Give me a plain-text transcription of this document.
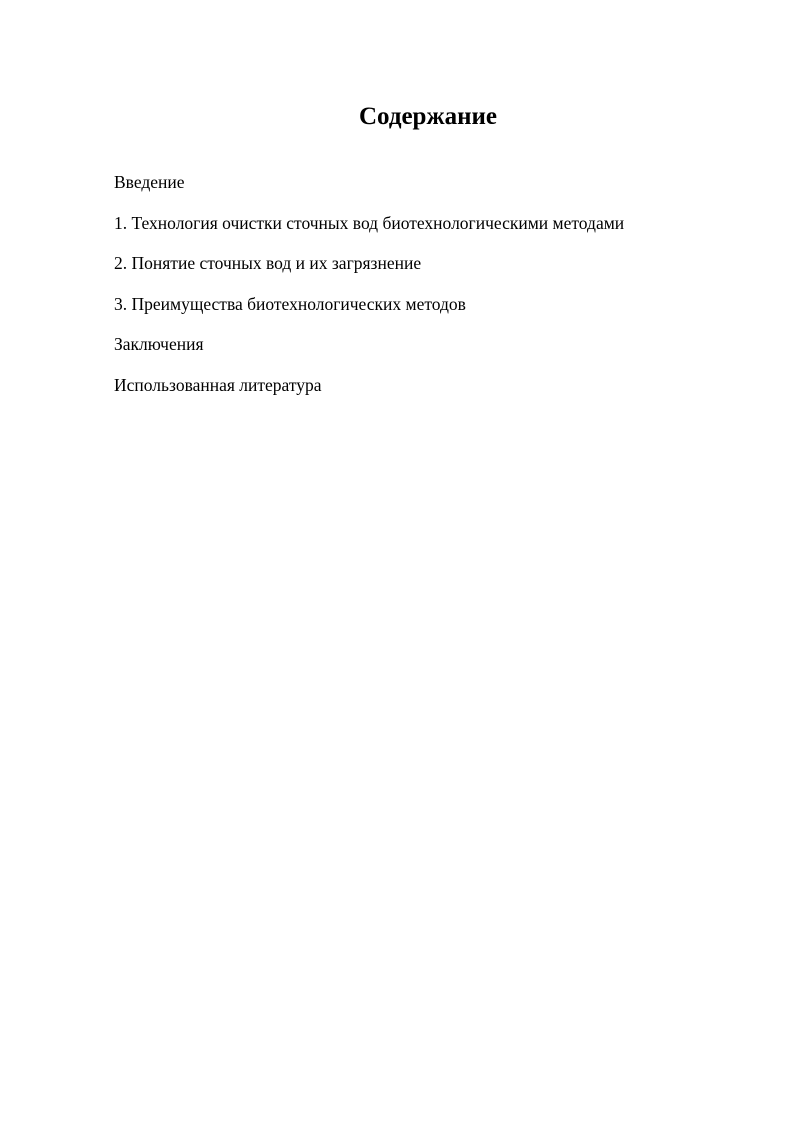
Содержание
Введение
1. Технология очистки сточных вод биотехнологическими методами
2. Понятие сточных вод и их загрязнение
3. Преимущества биотехнологических методов
Заключения
Использованная литература
